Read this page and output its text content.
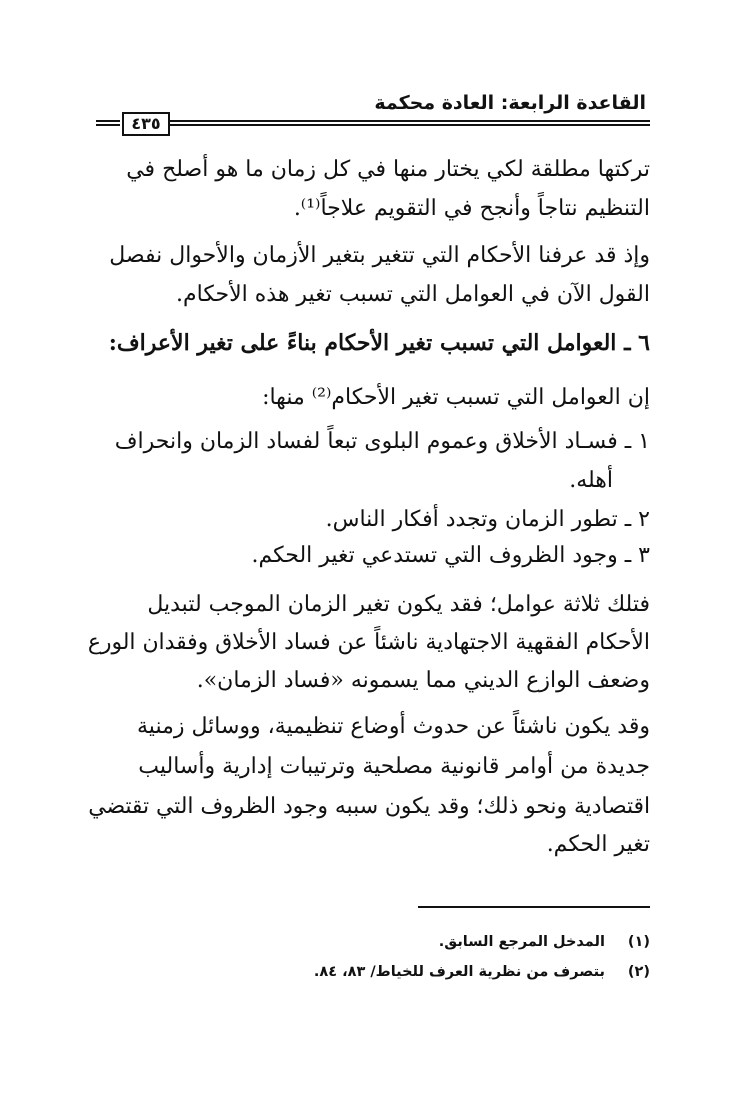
القاعدة الرابعة: العادة محكمة
٤٣٥
تركتها مطلقة لكي يختار منها في كل زمان ما هو أصلح في
التنظيم نتاجاً وأنجح في التقويم علاجاً⁽¹⁾.
وإذ قد عرفنا الأحكام التي تتغير بتغير الأزمان والأحوال نفصل
القول الآن في العوامل التي تسبب تغير هذه الأحكام.
٦ ـ العوامل التي تسبب تغير الأحكام بناءً على تغير الأعراف:
إن العوامل التي تسبب تغير الأحكام⁽²⁾ منها:
١ ـ فسـاد الأخلاق وعموم البلوى تبعاً لفساد الزمان وانحراف
أهله.
٢ ـ تطور الزمان وتجدد أفكار الناس.
٣ ـ وجود الظروف التي تستدعي تغير الحكم.
فتلك ثلاثة عوامل؛ فقد يكون تغير الزمان الموجب لتبديل
الأحكام الفقهية الاجتهادية ناشئاً عن فساد الأخلاق وفقدان الورع
وضعف الوازع الديني مما يسمونه «فساد الزمان».
وقد يكون ناشئاً عن حدوث أوضاع تنظيمية، ووسائل زمنية
جديدة من أوامر قانونية مصلحية وترتيبات إدارية وأساليب
اقتصادية ونحو ذلك؛ وقد يكون سببه وجود الظروف التي تقتضي
تغير الحكم.
(١) المدخل المرجع السابق.
(٢) بتصرف من نظرية العرف للخياط/ ٨٣، ٨٤.
